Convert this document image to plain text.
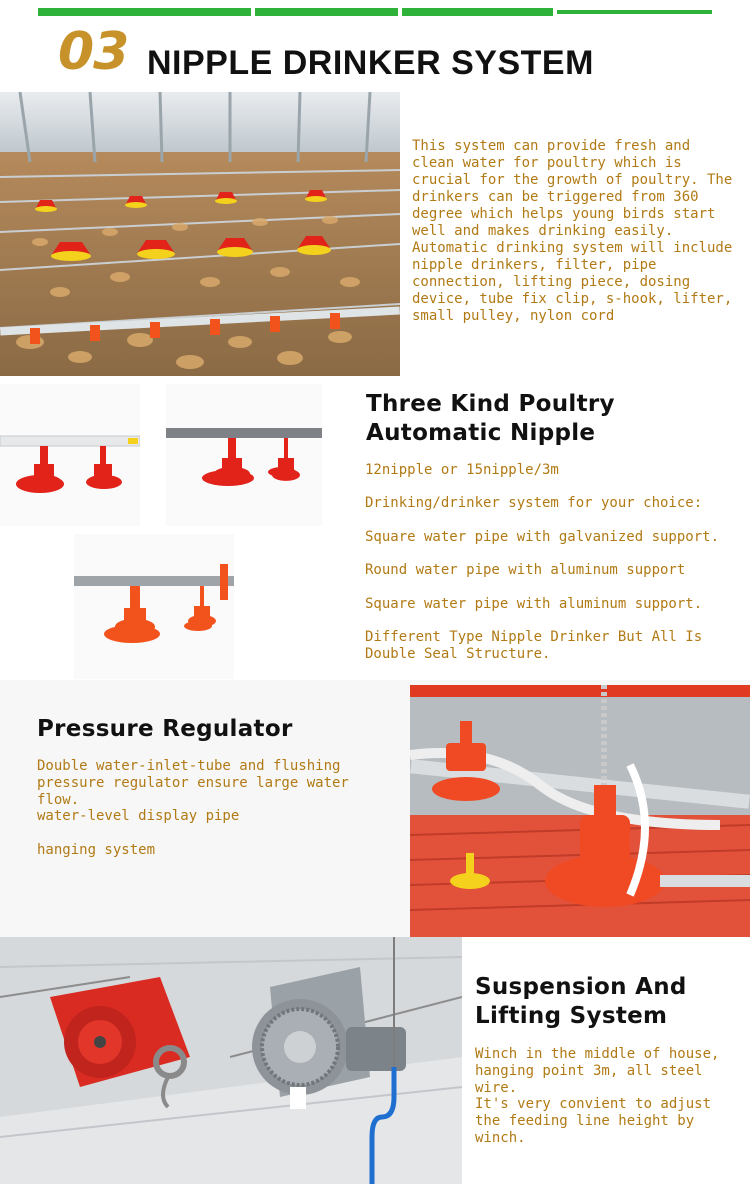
03 NIPPLE DRINKER SYSTEM

This system can provide fresh and clean water for poultry which is crucial for the growth of poultry. The drinkers can be triggered from 360 degree which helps young birds start well and makes drinking easily.

Automatic drinking system will include nipple drinkers, filter, pipe connection, lifting piece, dosing device, tube fix clip, s-hook, lifter, small pulley, nylon cord

Three Kind Poultry
Automatic Nipple
12nipple or 15nipple/3m
Drinking/drinker system for your choice:
Square water pipe with galvanized support.
Round water pipe with aluminum support
Square water pipe with aluminum support.
Different Type Nipple Drinker But All Is Double Seal Structure.
Pressure Regulator
Double water-inlet-tube and flushing pressure regulator ensure large water flow.
water-level display pipe
hanging system
Suspension And
Lifting System
Winch in the middle of house, hanging point 3m, all steel wire.
It's very convient to adjust the feeding line height by winch.
